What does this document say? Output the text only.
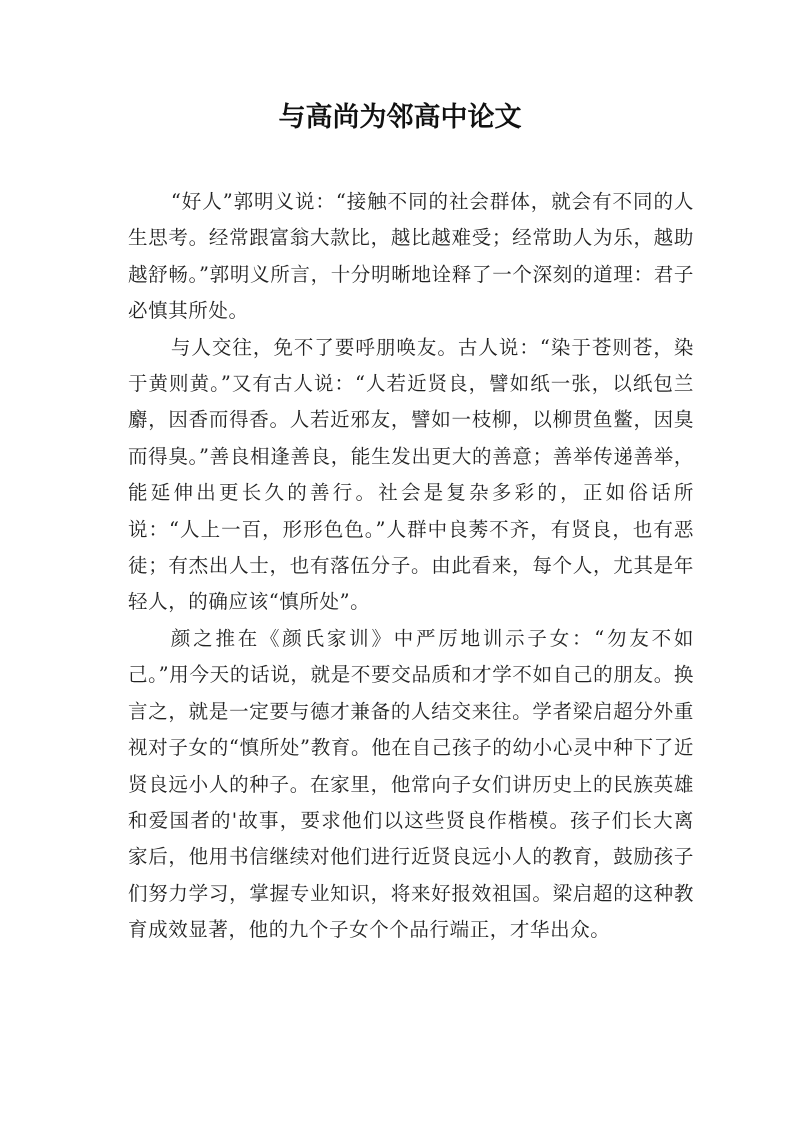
与高尚为邻高中论文

“好人”郭明义说：“接触不同的社会群体，就会有不同的人生思考。经常跟富翁大款比，越比越难受；经常助人为乐，越助越舒畅。”郭明义所言，十分明晰地诠释了一个深刻的道理：君子必慎其所处。

与人交往，免不了要呼朋唤友。古人说：“染于苍则苍，染于黄则黄。”又有古人说：“人若近贤良，譬如纸一张，以纸包兰麝，因香而得香。人若近邪友，譬如一枝柳，以柳贯鱼鳖，因臭而得臭。”善良相逢善良，能生发出更大的善意；善举传递善举，能延伸出更长久的善行。社会是复杂多彩的，正如俗话所说：“人上一百，形形色色。”人群中良莠不齐，有贤良，也有恶徒；有杰出人士，也有落伍分子。由此看来，每个人，尤其是年轻人，的确应该“慎所处”。

颜之推在《颜氏家训》中严厉地训示子女：“勿友不如己。”用今天的话说，就是不要交品质和才学不如自己的朋友。换言之，就是一定要与德才兼备的人结交来往。学者梁启超分外重视对子女的“慎所处”教育。他在自己孩子的幼小心灵中种下了近贤良远小人的种子。在家里，他常向子女们讲历史上的民族英雄和爱国者的'故事，要求他们以这些贤良作楷模。孩子们长大离家后，他用书信继续对他们进行近贤良远小人的教育，鼓励孩子们努力学习，掌握专业知识，将来好报效祖国。梁启超的这种教育成效显著，他的九个子女个个品行端正，才华出众。
